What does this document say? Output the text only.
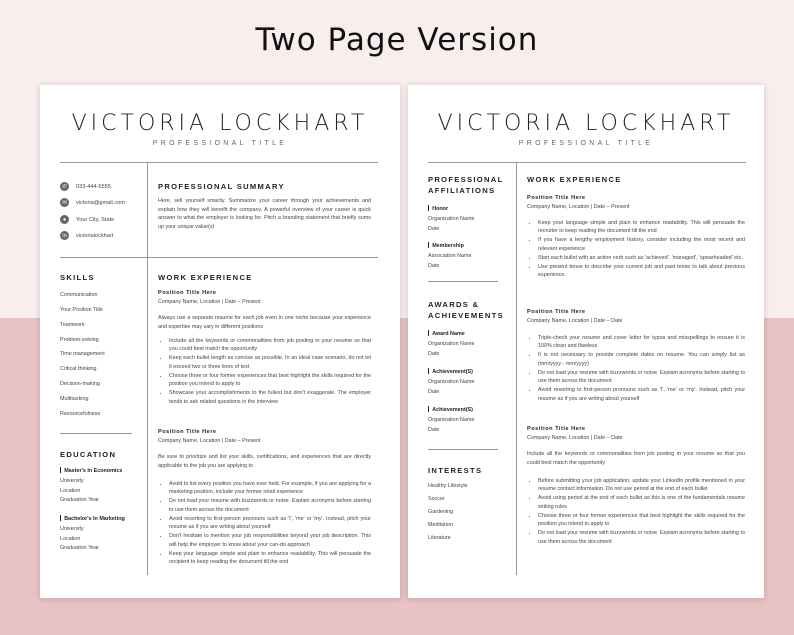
Two Page Version
VICTORIA LOCKHART
PROFESSIONAL TITLE
✆	033-444-5555
✉	victoria@gmail.com
●	Your City, State
in	victorialockhart
PROFESSIONAL SUMMARY
Here, sell yourself smartly. Summarize your career through your achievements and explain how they will benefit the company. A powerful overview of your career is quick answer to what the employer is looking for. Pitch a branding statement that briefly sums up your unique value(s)
SKILLS
Communication
Your Position Title
Teamwork
Problem-solving
Time management
Critical thinking
Decision-making
Multitasking
Resourcefulness
EDUCATION
Master's In Economics
University
Location
Graduation Year
Bachelor's In Marketing
University
Location
Graduation Year
WORK EXPERIENCE
Position Title Here
Company Name, Location | Date – Present
Always use a separate resume for each job even in one niche because your experience and expertise may vary in different positions
• Include all the keywords or commonalities from job posting in your resume so that you could best match the opportunity
• Keep each bullet length as concise as possible. In an ideal case scenario, do not let it exceed two or three lines of text
• Choose three or four former experiences that best highlight the skills required for the position you intend to apply to
• Showcase your accomplishments to the fullest but don't exaggerate. The employer tends to ask related questions in the interview
Position Title Here
Company Name, Location | Date – Present
Be sure to prioritize and list your skills, certifications, and experiences that are directly applicable to the job you are applying to
• Avoid to list every position you have ever held. For example, if you are applying for a marketing position, include your former retail experience
• Do not load your resume with buzzwords or noise. Explain acronyms before starting to use them across the document
• Avoid resorting to first-person pronouns such as 'I', 'me' or 'my'. Instead, pitch your resume as if you are writing about yourself
• Don't hesitate to mention your job responsibilities beyond your job description. This will help the employer to know about your can-do approach
• Keep your language simple and plain to enhance readability. This will persuade the recipient to keep reading the document till the end
VICTORIA LOCKHART
PROFESSIONAL TITLE
PROFESSIONAL
AFFILIATIONS
Honor
Organization Name
Date
Membership
Association Name
Date
AWARDS &
ACHIEVEMENTS
Award Name
Organization Name
Date
Achievement(S)
Organization Name
Date
Achievement(S)
Organization Name
Date
INTERESTS
Healthy Lifestyle
Soccer
Gardening
Meditation
Literature
WORK EXPERIENCE
Position Title Here
Company Name, Location | Date – Present
• Keep your language simple and plain to enhance readability. This will persuade the recruiter to keep reading the document till the end
• If you have a lengthy employment history, consider including the most recent and relevant experience
• Start each bullet with an action verb such as 'achieved', 'managed', 'spearheaded' etc.
• Use present tense to describe your current job and past tense to talk about previous experience.
Position Title Here
Company Name, Location | Date – Date
• Triple-check your resume and cover letter for typos and misspellings to ensure it is 100% clean and flawless
• It is not necessary to provide complete dates on resume. You can simply list as (mm/yyyy - mm/yyyy)
• Do not load your resume with buzzwords or noise. Explain acronyms before starting to use them across the document
• Avoid resorting to first-person pronouns such as 'I', 'me' or 'my'. Instead, pitch your resume as if you are writing about yourself
Position Title Here
Company Name, Location | Date – Date
Include all the keywords or commonalities from job posting in your resume so that you could best match the opportunity
• Before submitting your job application, update your LinkedIn profile mentioned in your resume contact information. Do not use period at the end of each bullet
• Avoid using period at the end of each bullet as this is one of the fundamentals resume writing rules
• Choose three or four former experiences that best highlight the skills required for the position you intend to apply to
• Do not load your resume with buzzwords or noise. Explain acronyms before starting to use them across the document
